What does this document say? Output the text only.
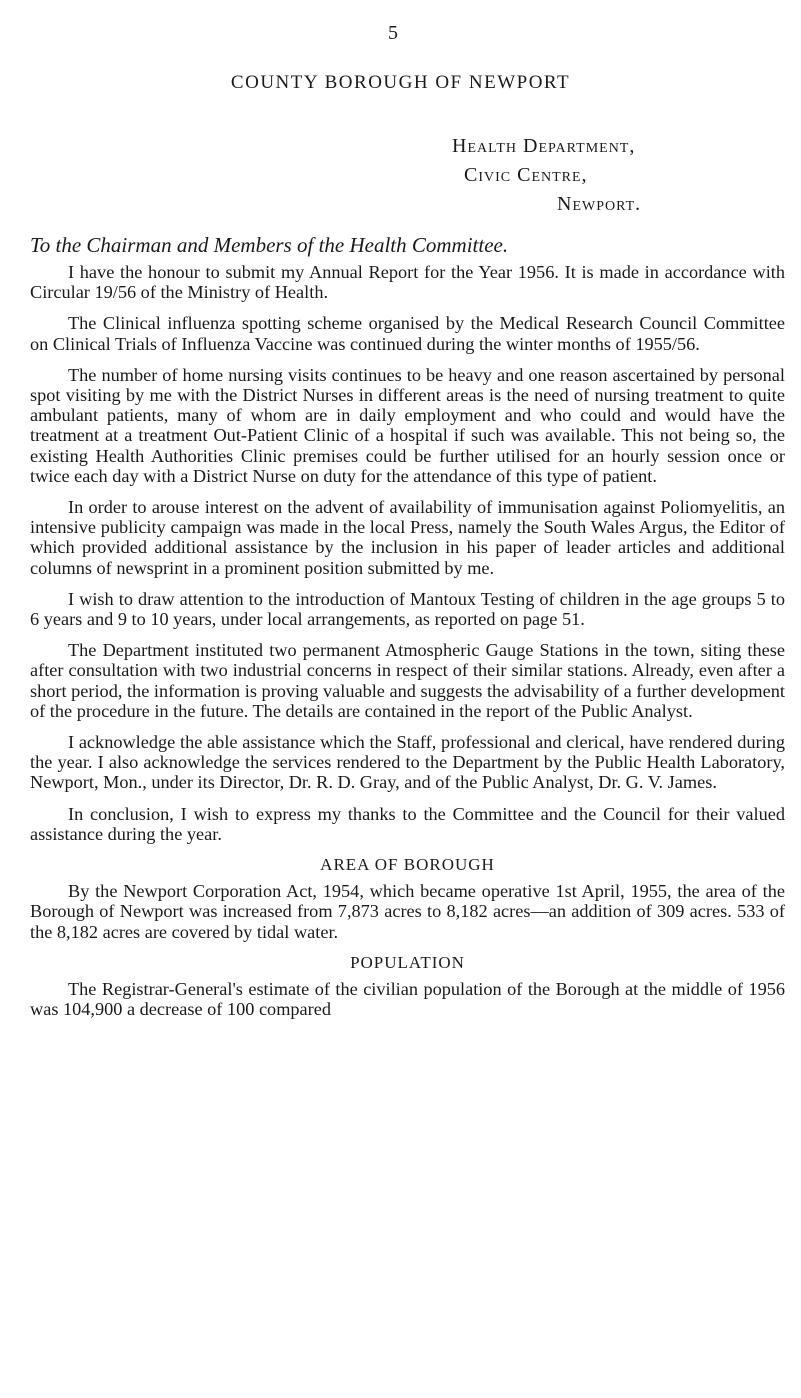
5
COUNTY BOROUGH OF NEWPORT
Health Department,
Civic Centre,
Newport.
To the Chairman and Members of the Health Committee.

I have the honour to submit my Annual Report for the Year 1956. It is made in accordance with Circular 19/56 of the Ministry of Health.

The Clinical influenza spotting scheme organised by the Medical Research Council Committee on Clinical Trials of Influenza Vaccine was continued during the winter months of 1955/56.

The number of home nursing visits continues to be heavy and one reason ascertained by personal spot visiting by me with the District Nurses in different areas is the need of nursing treatment to quite ambulant patients, many of whom are in daily employment and who could and would have the treatment at a treatment Out-Patient Clinic of a hospital if such was available. This not being so, the existing Health Authorities Clinic premises could be further utilised for an hourly session once or twice each day with a District Nurse on duty for the attendance of this type of patient.

In order to arouse interest on the advent of availability of immunisation against Poliomyelitis, an intensive publicity campaign was made in the local Press, namely the South Wales Argus, the Editor of which provided additional assistance by the inclusion in his paper of leader articles and additional columns of newsprint in a prominent position submitted by me.

I wish to draw attention to the introduction of Mantoux Testing of children in the age groups 5 to 6 years and 9 to 10 years, under local arrangements, as reported on page 51.

The Department instituted two permanent Atmospheric Gauge Stations in the town, siting these after consultation with two industrial concerns in respect of their similar stations. Already, even after a short period, the information is proving valuable and suggests the advisability of a further development of the procedure in the future. The details are contained in the report of the Public Analyst.

I acknowledge the able assistance which the Staff, professional and clerical, have rendered during the year. I also acknowledge the services rendered to the Department by the Public Health Laboratory, Newport, Mon., under its Director, Dr. R. D. Gray, and of the Public Analyst, Dr. G. V. James.

In conclusion, I wish to express my thanks to the Committee and the Council for their valued assistance during the year.

AREA OF BOROUGH

By the Newport Corporation Act, 1954, which became operative 1st April, 1955, the area of the Borough of Newport was increased from 7,873 acres to 8,182 acres—an addition of 309 acres. 533 of the 8,182 acres are covered by tidal water.

POPULATION

The Registrar-General's estimate of the civilian population of the Borough at the middle of 1956 was 104,900 a decrease of 100 compared
